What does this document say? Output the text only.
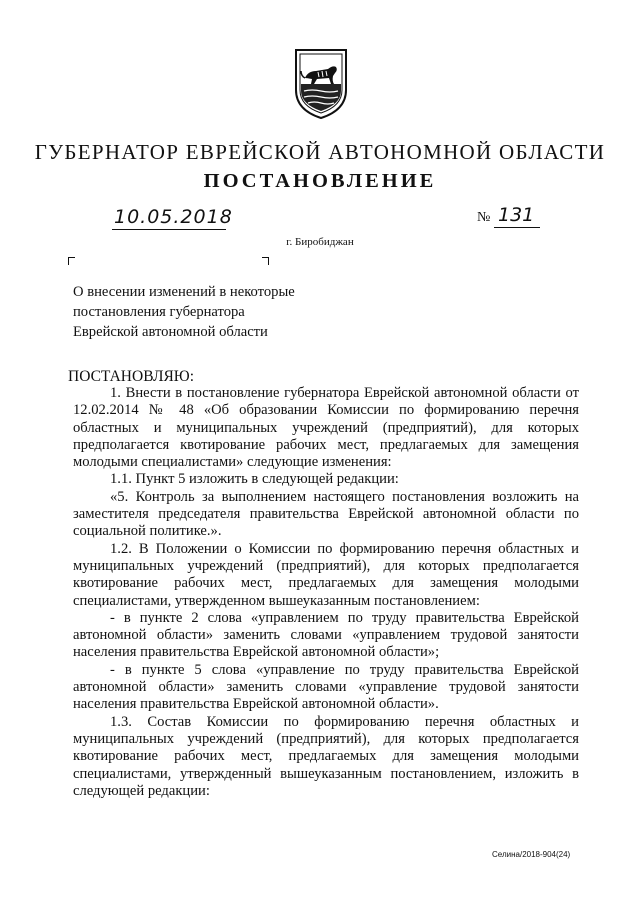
ГУБЕРНАТОР ЕВРЕЙСКОЙ АВТОНОМНОЙ ОБЛАСТИ
ПОСТАНОВЛЕНИЕ
10.05.2018	№ 131
г. Биробиджан
О внесении изменений в некоторые
постановления губернатора
Еврейской автономной области
ПОСТАНОВЛЯЮ:

1. Внести в постановление губернатора Еврейской автономной области от 12.02.2014 № 48 «Об образовании Комиссии по формированию перечня областных и муниципальных учреждений (предприятий), для которых предполагается квотирование рабочих мест, предлагаемых для замещения молодыми специалистами» следующие изменения:

1.1. Пункт 5 изложить в следующей редакции:

«5. Контроль за выполнением настоящего постановления возложить на заместителя председателя правительства Еврейской автономной области по социальной политике.».

1.2. В Положении о Комиссии по формированию перечня областных и муниципальных учреждений (предприятий), для которых предполагается квотирование рабочих мест, предлагаемых для замещения молодыми специалистами, утвержденном вышеуказанным постановлением:

- в пункте 2 слова «управлением по труду правительства Еврейской автономной области» заменить словами «управлением трудовой занятости населения правительства Еврейской автономной области»;

- в пункте 5 слова «управление по труду правительства Еврейской автономной области» заменить словами «управление трудовой занятости населения правительства Еврейской автономной области».

1.3. Состав Комиссии по формированию перечня областных и муниципальных учреждений (предприятий), для которых предполагается квотирование рабочих мест, предлагаемых для замещения молодыми специалистами, утвержденный вышеуказанным постановлением, изложить в следующей редакции:

Селина/2018-904(24)
